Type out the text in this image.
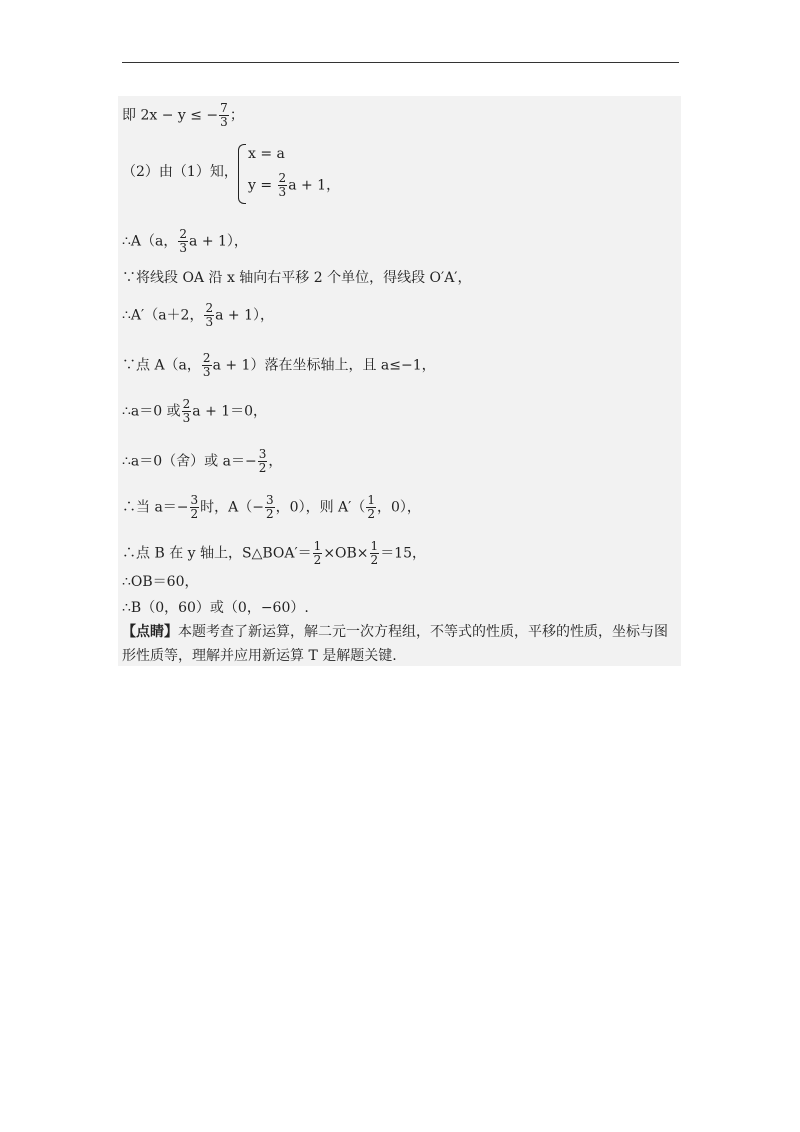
即 2x − y ≤ − $\frac{7}{3}$ ；
（2）由（1）知，
x = a
$y = \frac{2}{3}$ a + 1，
∴A（a， $\frac{2}{3}$ a + 1），
∵将线段 OA 沿 x 轴向右平移 2 个单位，得线段 O′A′，
∴A′（a＋2， $\frac{2}{3}$ a + 1），
∵点 A（a， $\frac{2}{3}$ a + 1）落在坐标轴上，且 a≤−1，
∴a＝0 或 $\frac{2}{3}$ a + 1＝0，
∴a＝0（舍）或 $a=- \frac{3}{2}$ ，
∴当 $a=- \frac{3}{2}$ 时，$A(- \frac{3}{2}$ ，0），则 $A'( \frac{1}{2}$ ，0），
∴点 B 在 y 轴上，S△BOA′＝ $\frac{1}{2} \times OB\times \frac{1}{2} =15$，
∴OB＝60，
∴B（0，60）或（0，−60）.
【点睛】本题考查了新运算，解二元一次方程组，不等式的性质，平移的性质，坐标与图
形性质等，理解并应用新运算 T 是解题关键.
